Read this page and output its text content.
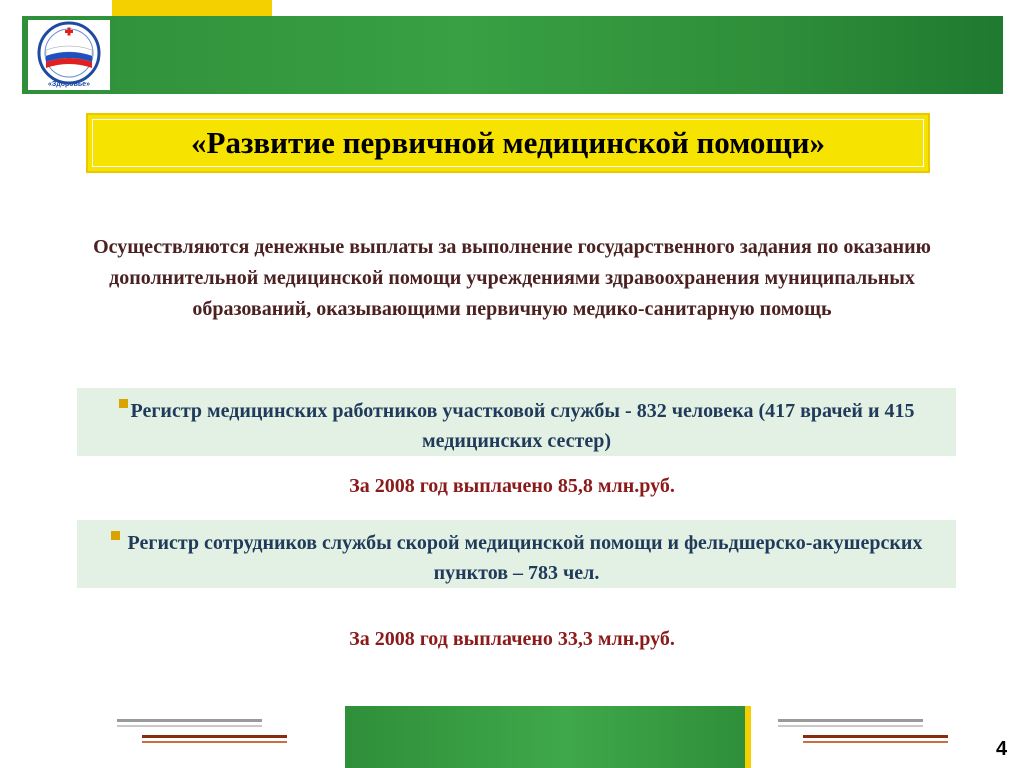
«Здоровье»
«Развитие первичной медицинской помощи»
Осуществляются денежные выплаты за выполнение государственного задания по оказанию дополнительной медицинской помощи учреждениями здравоохранения муниципальных образований, оказывающими первичную медико-санитарную помощь
Регистр медицинских работников участковой службы - 832 человека (417 врачей и 415 медицинских сестер)
За 2008 год выплачено 85,8 млн.руб.
Регистр сотрудников службы скорой медицинской помощи и фельдшерско-акушерских пунктов – 783 чел.
За 2008 год выплачено 33,3 млн.руб.
4
